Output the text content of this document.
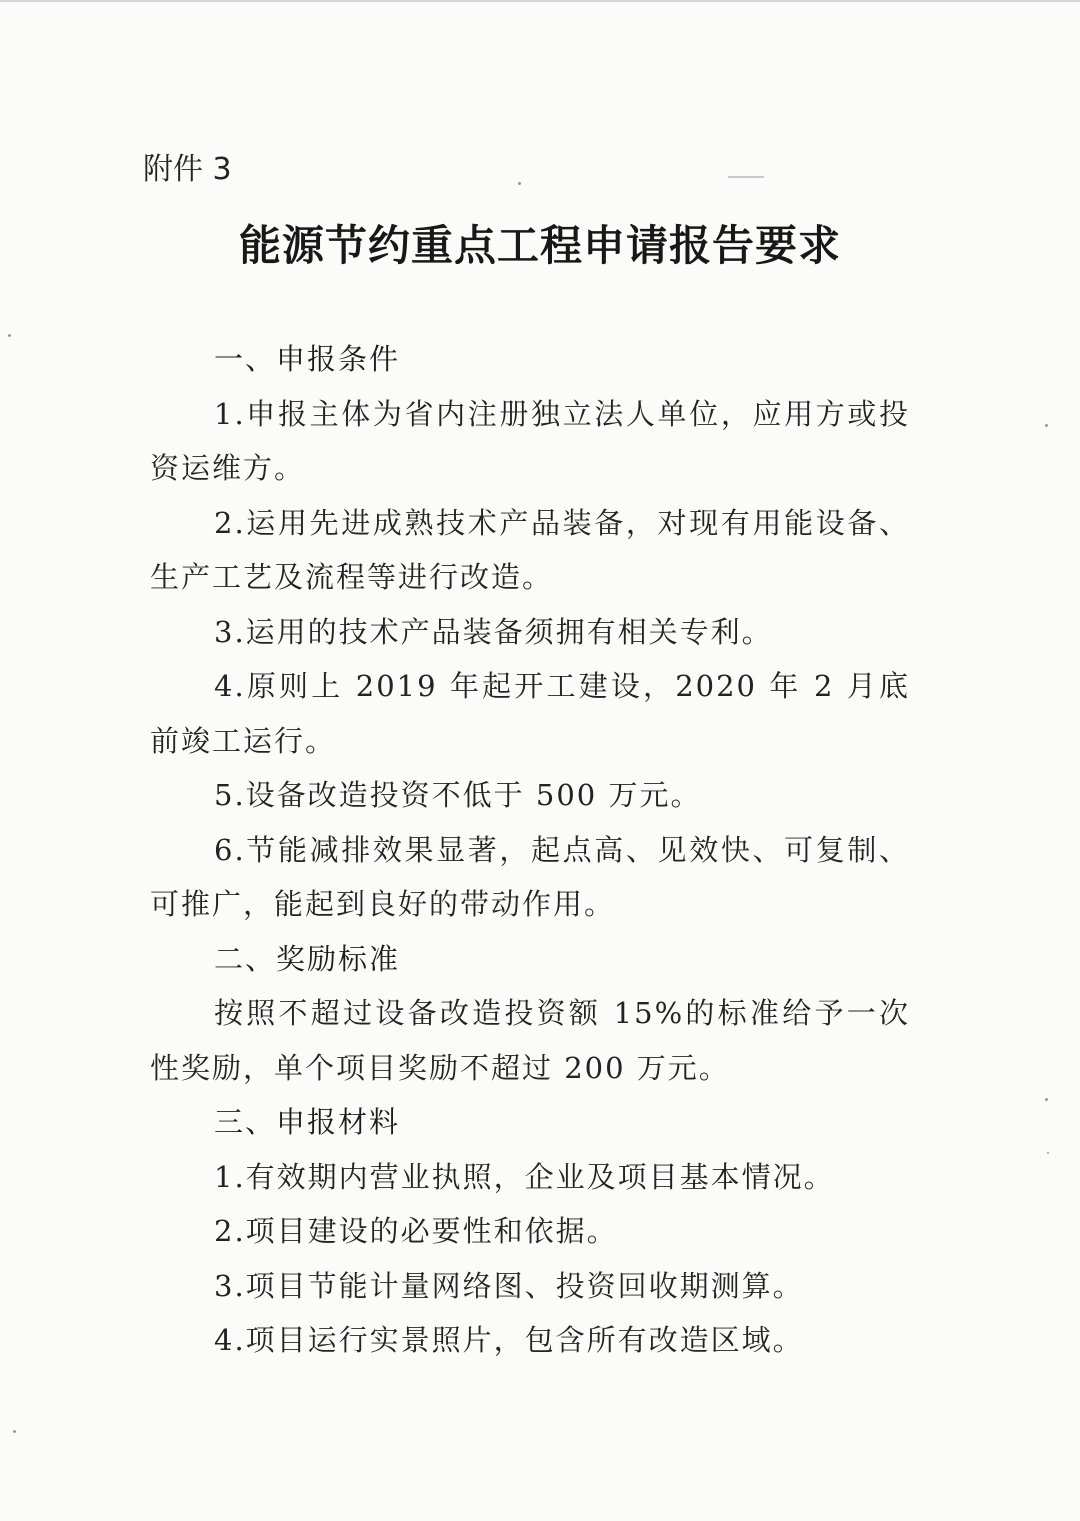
附件 3
能源节约重点工程申请报告要求

一、申报条件

1.申报主体为省内注册独立法人单位，应用方或投资运维方。

2.运用先进成熟技术产品装备，对现有用能设备、生产工艺及流程等进行改造。

3.运用的技术产品装备须拥有相关专利。

4.原则上 2019 年起开工建设，2020 年 2 月底前竣工运行。

5.设备改造投资不低于 500 万元。

6.节能减排效果显著，起点高、见效快、可复制、可推广，能起到良好的带动作用。

二、奖励标准

按照不超过设备改造投资额 15%的标准给予一次性奖励，单个项目奖励不超过 200 万元。

三、申报材料

1.有效期内营业执照，企业及项目基本情况。

2.项目建设的必要性和依据。

3.项目节能计量网络图、投资回收期测算。

4.项目运行实景照片，包含所有改造区域。
